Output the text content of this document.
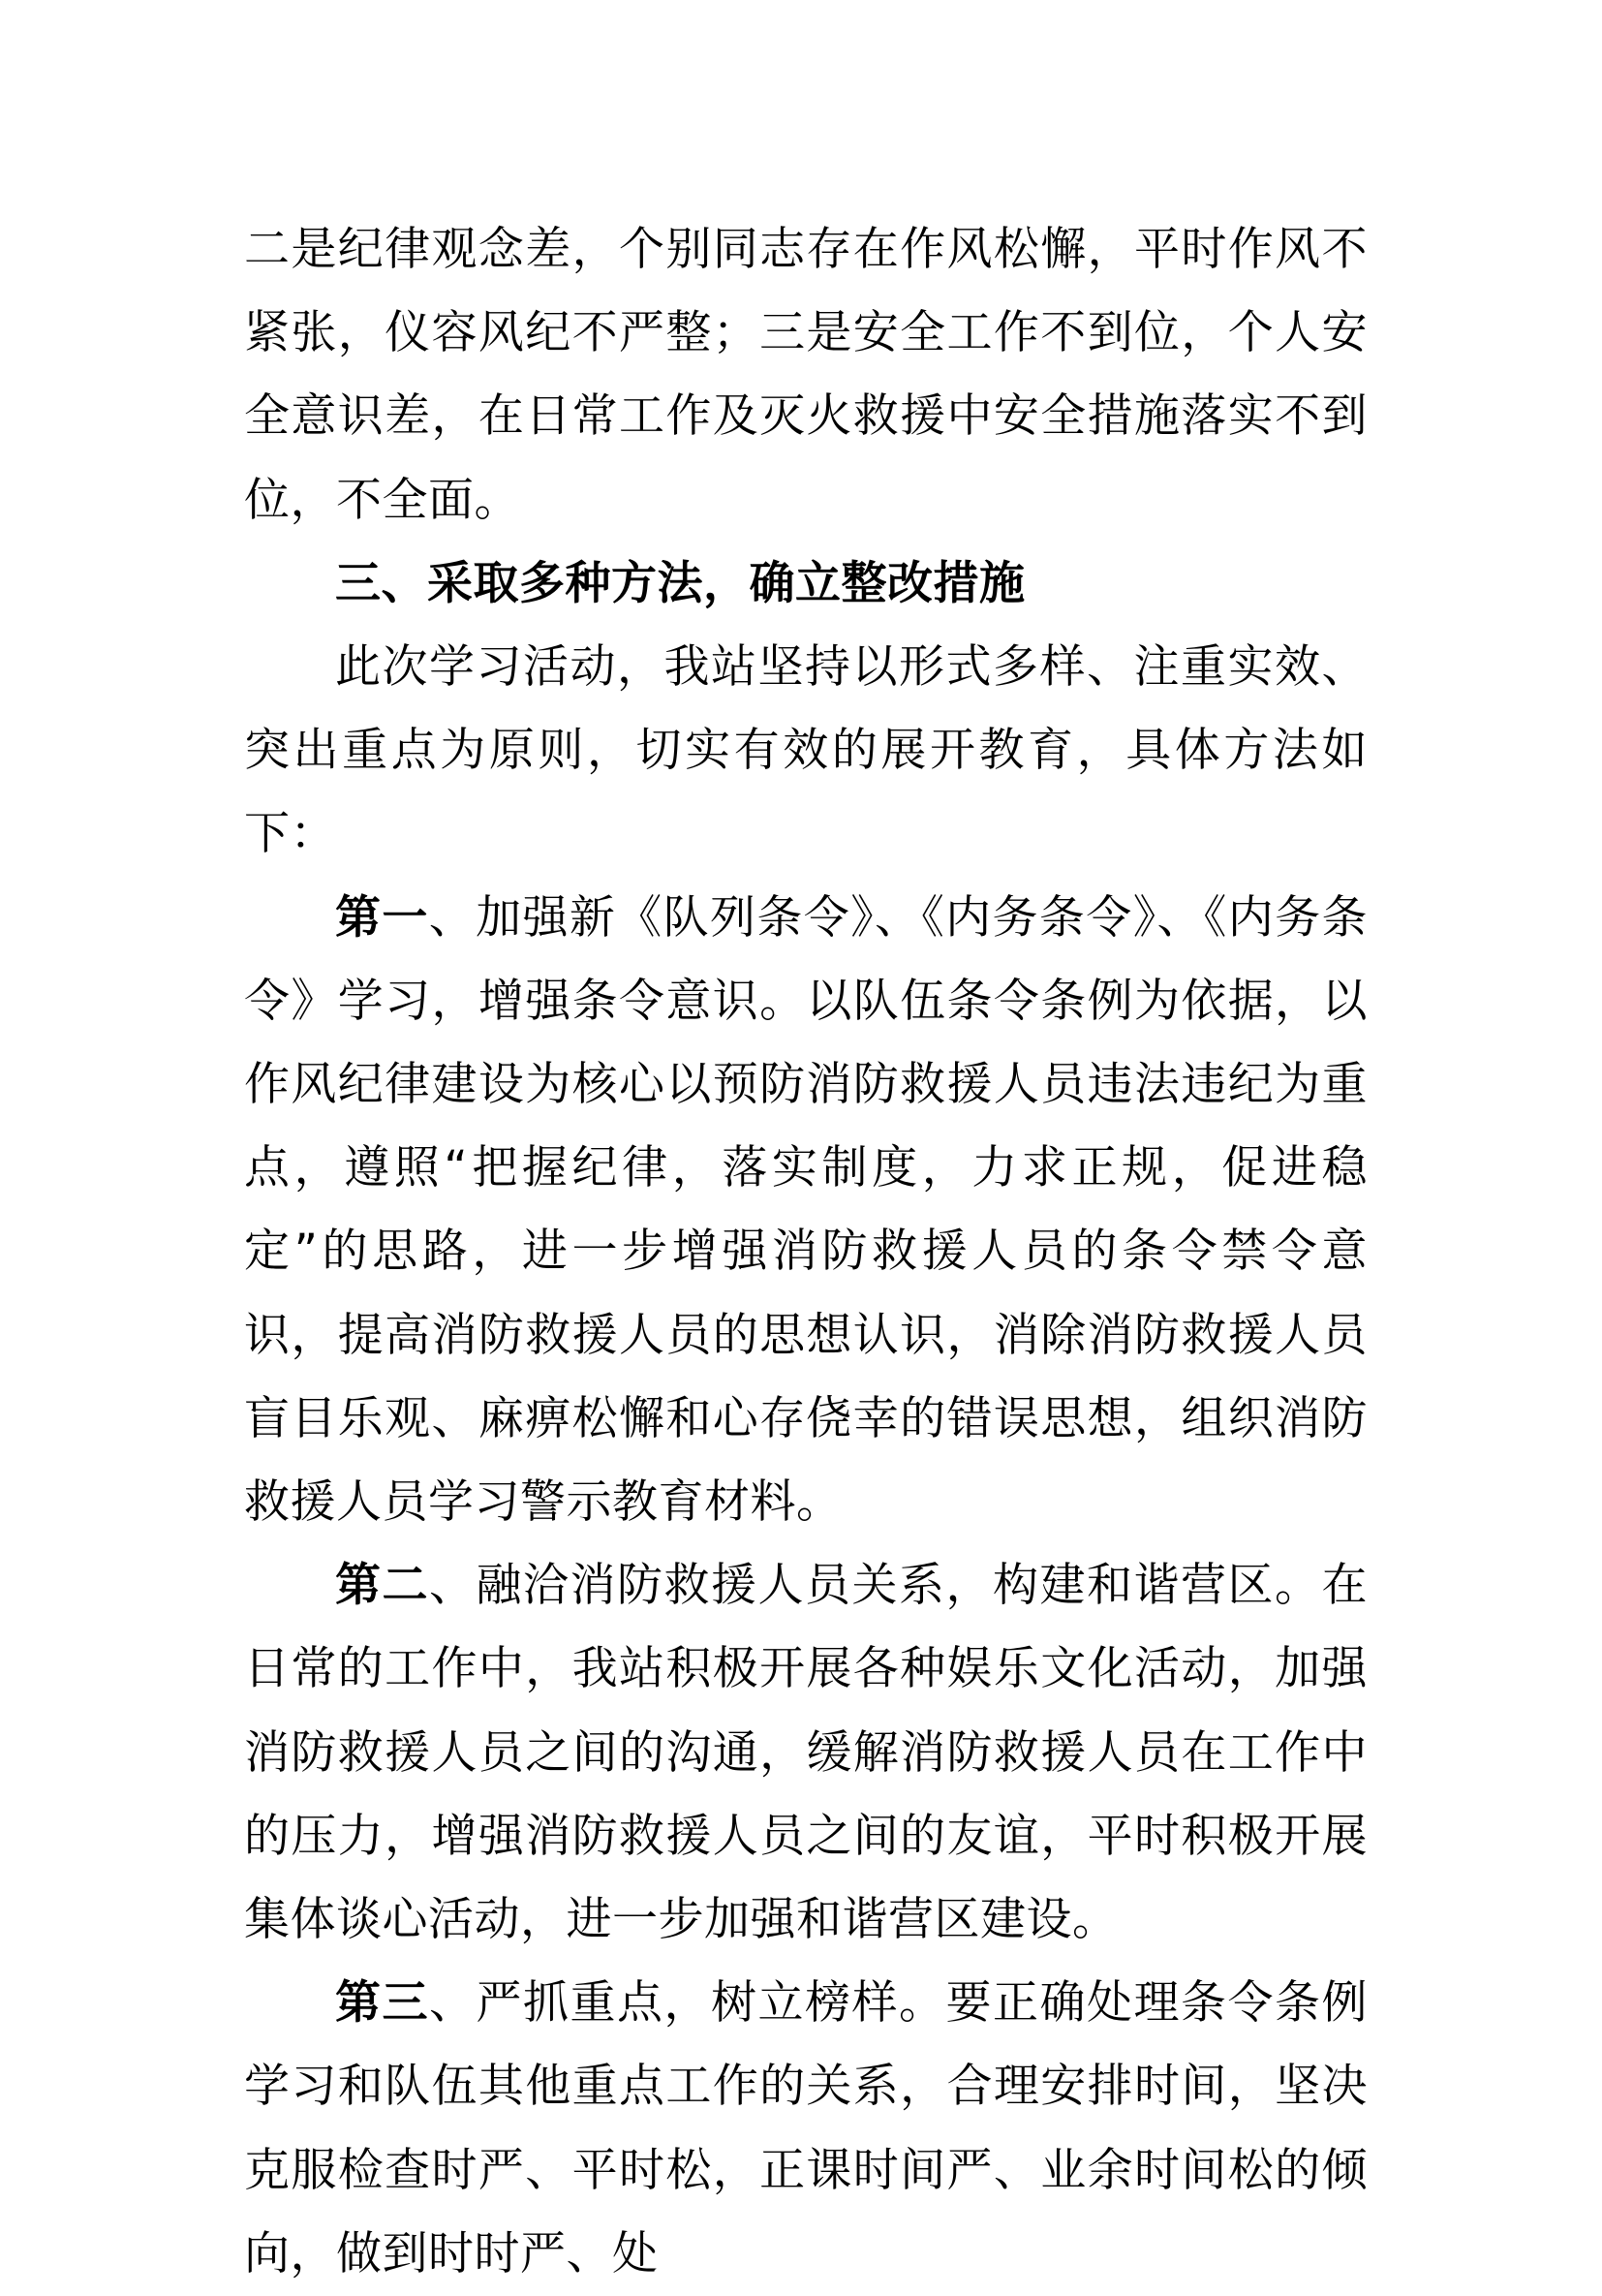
二是纪律观念差，个别同志存在作风松懈，平时作风不紧张，仪容风纪不严整；三是安全工作不到位，个人安全意识差，在日常工作及灭火救援中安全措施落实不到位，不全面。

三、采取多种方法，确立整改措施

此次学习活动，我站坚持以形式多样、注重实效、突出重点为原则，切实有效的展开教育，具体方法如下：

第一、加强新《队列条令》、《内务条令》、《内务条令》学习，增强条令意识。以队伍条令条例为依据，以作风纪律建设为核心以预防消防救援人员违法违纪为重点，遵照“把握纪律，落实制度，力求正规，促进稳定”的思路，进一步增强消防救援人员的条令禁令意识，提高消防救援人员的思想认识，消除消防救援人员盲目乐观、麻痹松懈和心存侥幸的错误思想，组织消防救援人员学习警示教育材料。

第二、融洽消防救援人员关系，构建和谐营区。在日常的工作中，我站积极开展各种娱乐文化活动，加强消防救援人员之间的沟通，缓解消防救援人员在工作中的压力，增强消防救援人员之间的友谊，平时积极开展集体谈心活动，进一步加强和谐营区建设。

第三、严抓重点，树立榜样。要正确处理条令条例学习和队伍其他重点工作的关系，合理安排时间，坚决克服检查时严、平时松，正课时间严、业余时间松的倾向，做到时时严、处
